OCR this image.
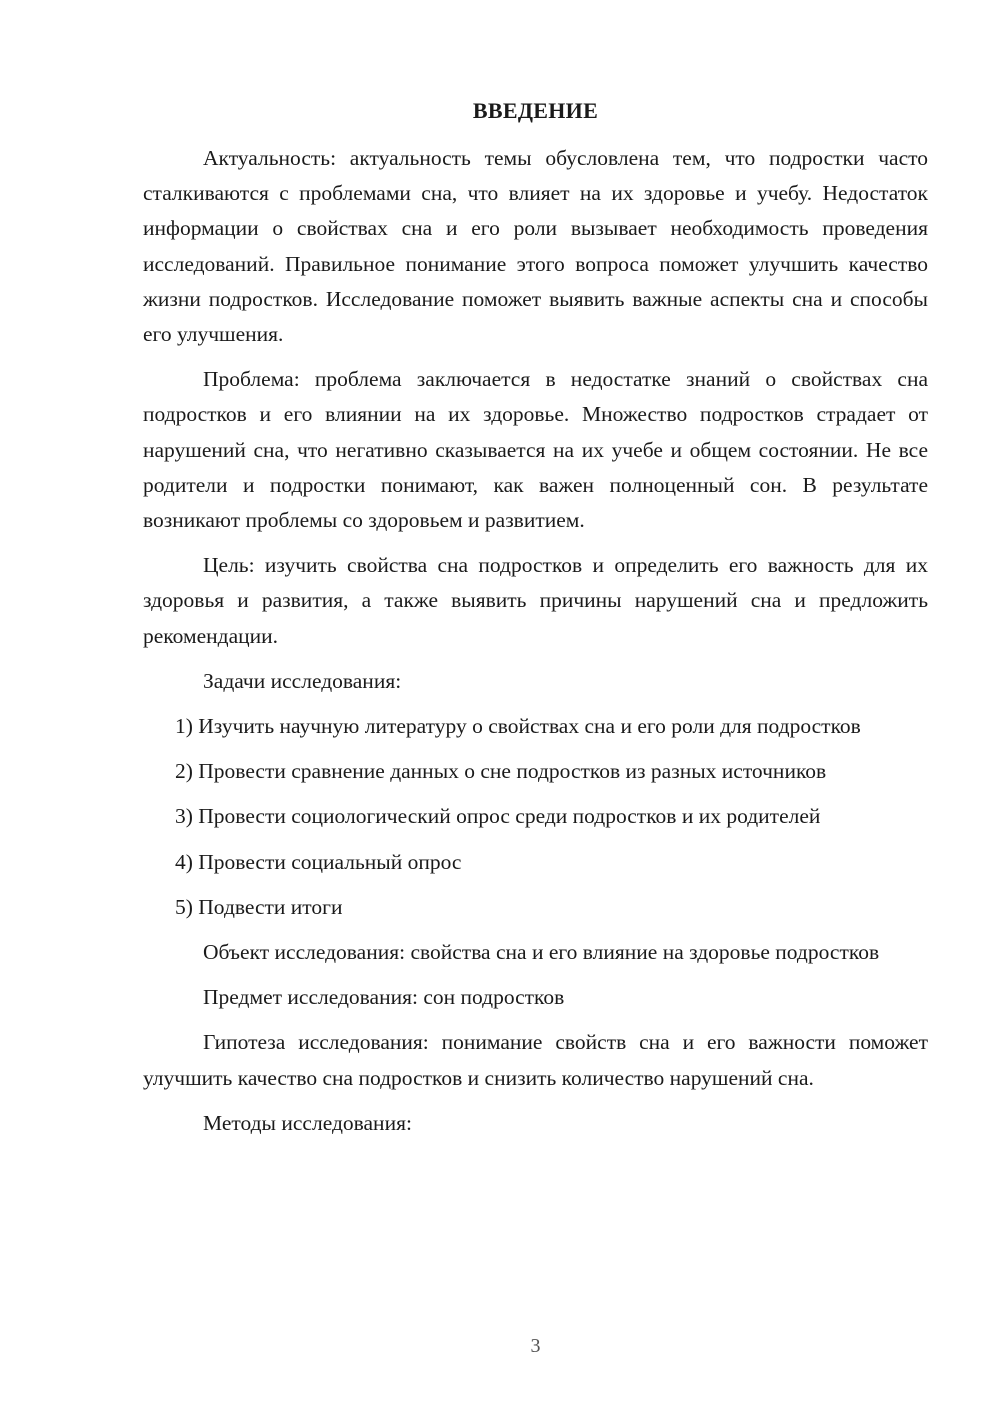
ВВЕДЕНИЕ

Актуальность: актуальность темы обусловлена тем, что подростки часто сталкиваются с проблемами сна, что влияет на их здоровье и учебу. Недостаток информации о свойствах сна и его роли вызывает необходимость проведения исследований. Правильное понимание этого вопроса поможет улучшить качество жизни подростков. Исследование поможет выявить важные аспекты сна и способы его улучшения.

Проблема: проблема заключается в недостатке знаний о свойствах сна подростков и его влиянии на их здоровье. Множество подростков страдает от нарушений сна, что негативно сказывается на их учебе и общем состоянии. Не все родители и подростки понимают, как важен полноценный сон. В результате возникают проблемы со здоровьем и развитием.

Цель: изучить свойства сна подростков и определить его важность для их здоровья и развития, а также выявить причины нарушений сна и предложить рекомендации.

Задачи исследования:

1) Изучить научную литературу о свойствах сна и его роли для подростков

2) Провести сравнение данных о сне подростков из разных источников

3) Провести социологический опрос среди подростков и их родителей

4) Провести социальный опрос

5) Подвести итоги

Объект исследования: свойства сна и его влияние на здоровье подростков

Предмет исследования: сон подростков

Гипотеза исследования: понимание свойств сна и его важности поможет улучшить качество сна подростков и снизить количество нарушений сна.

Методы исследования:

3
